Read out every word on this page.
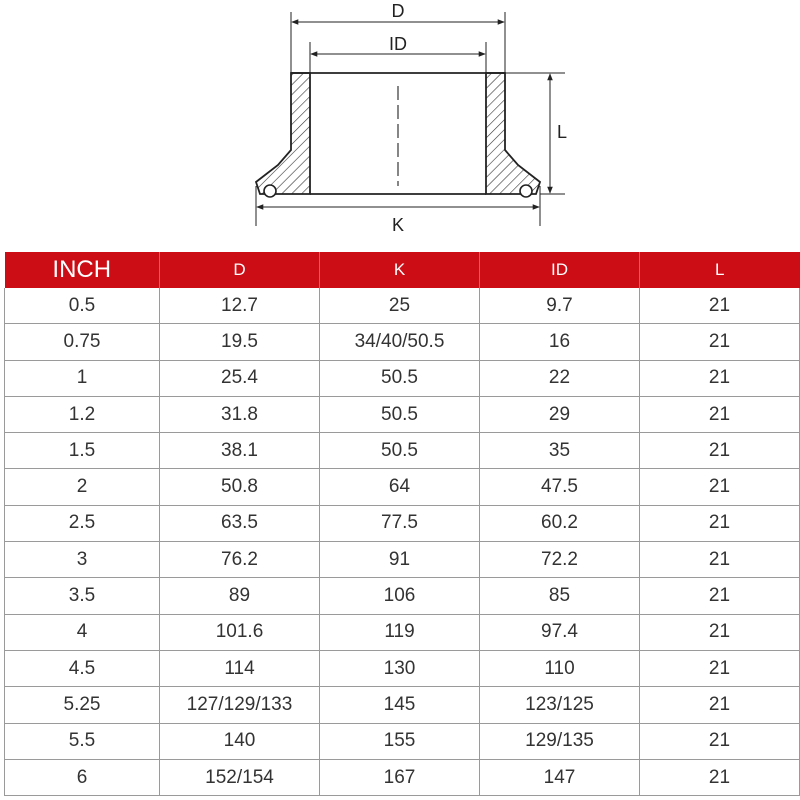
D
ID
L
K
INCH	D	K	ID	L
0.5	12.7	25	9.7	21
0.75	19.5	34/40/50.5	16	21
1	25.4	50.5	22	21
1.2	31.8	50.5	29	21
1.5	38.1	50.5	35	21
2	50.8	64	47.5	21
2.5	63.5	77.5	60.2	21
3	76.2	91	72.2	21
3.5	89	106	85	21
4	101.6	119	97.4	21
4.5	114	130	110	21
5.25	127/129/133	145	123/125	21
5.5	140	155	129/135	21
6	152/154	167	147	21
